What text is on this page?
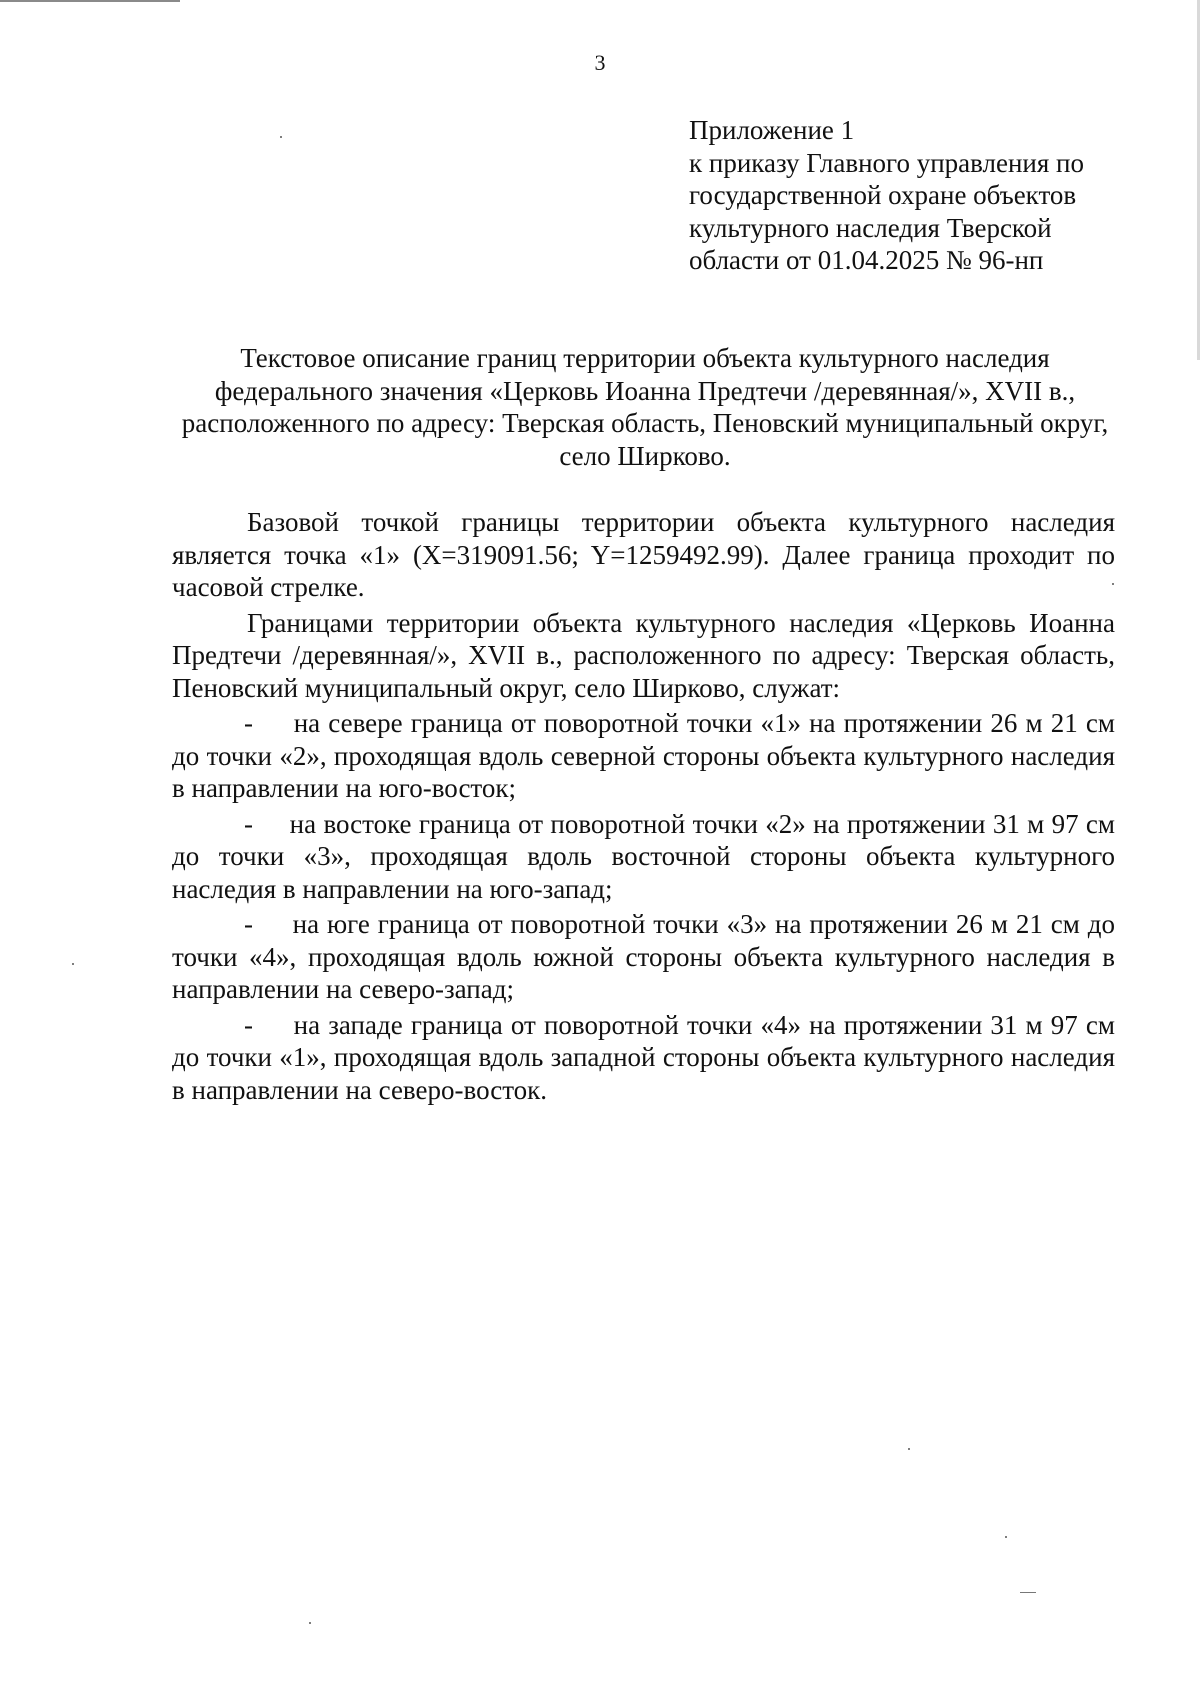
3
Приложение 1
к приказу Главного управления по
государственной охране объектов
культурного наследия Тверской
области от 01.04.2025 № 96-нп
Текстовое описание границ территории объекта культурного наследия федерального значения «Церковь Иоанна Предтечи /деревянная/», XVII в., расположенного по адресу: Тверская область, Пеновский муниципальный округ, село Ширково.

Базовой точкой границы территории объекта культурного наследия является точка «1» (X=319091.56; Y=1259492.99). Далее граница проходит по часовой стрелке.

Границами территории объекта культурного наследия «Церковь Иоанна Предтечи /деревянная/», XVII в., расположенного по адресу: Тверская область, Пеновский муниципальный округ, село Ширково, служат:

-     на севере граница от поворотной точки «1» на протяжении 26 м 21 см до точки «2», проходящая вдоль северной стороны объекта культурного наследия в направлении на юго-восток;

-     на востоке граница от поворотной точки «2» на протяжении 31 м 97 см до точки «3», проходящая вдоль восточной стороны объекта культурного наследия в направлении на юго-запад;

-     на юге граница от поворотной точки «3» на протяжении 26 м 21 см до точки «4», проходящая вдоль южной стороны объекта культурного наследия в направлении на северо-запад;

-     на западе граница от поворотной точки «4» на протяжении 31 м 97 см до точки «1», проходящая вдоль западной стороны объекта культурного наследия в направлении на северо-восток.
